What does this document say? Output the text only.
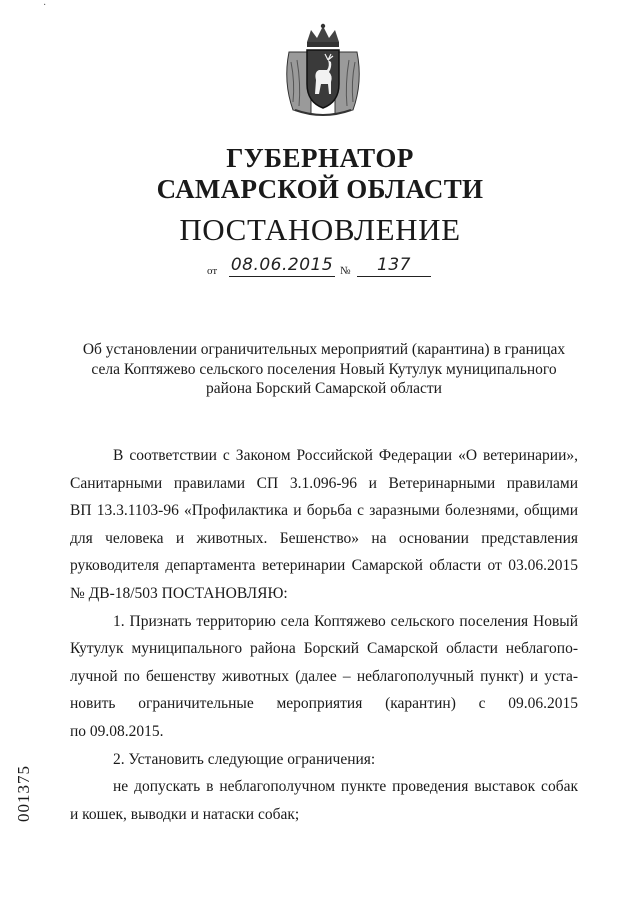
·
ГУБЕРНАТОР
САМАРСКОЙ ОБЛАСТИ
ПОСТАНОВЛЕНИЕ
от 08.06.2015 №	137
Об установлении ограничительных мероприятий (карантина) в границах
села Коптяжево сельского поселения Новый Кутулук муниципального
района Борский Самарской области
В соответствии с Законом Российской Федерации «О ветеринарии»,
Санитарными правилами СП 3.1.096-96 и Ветеринарными правилами
ВП 13.3.1103-96 «Профилактика и борьба с заразными болезнями, общими
для человека и животных. Бешенство» на основании представления
руководителя департамента ветеринарии Самарской области от 03.06.2015
№ ДВ-18/503 ПОСТАНОВЛЯЮ:
1. Признать территорию села Коптяжево сельского поселения Новый
Кутулук муниципального района Борский Самарской области неблагопо-
лучной по бешенству животных (далее – неблагополучный пункт) и уста-
новить ограничительные мероприятия (карантин) с 09.06.2015
по 09.08.2015.
2. Установить следующие ограничения:
не допускать в неблагополучном пункте проведения выставок собак
и кошек, выводки и натаски собак;
001375
